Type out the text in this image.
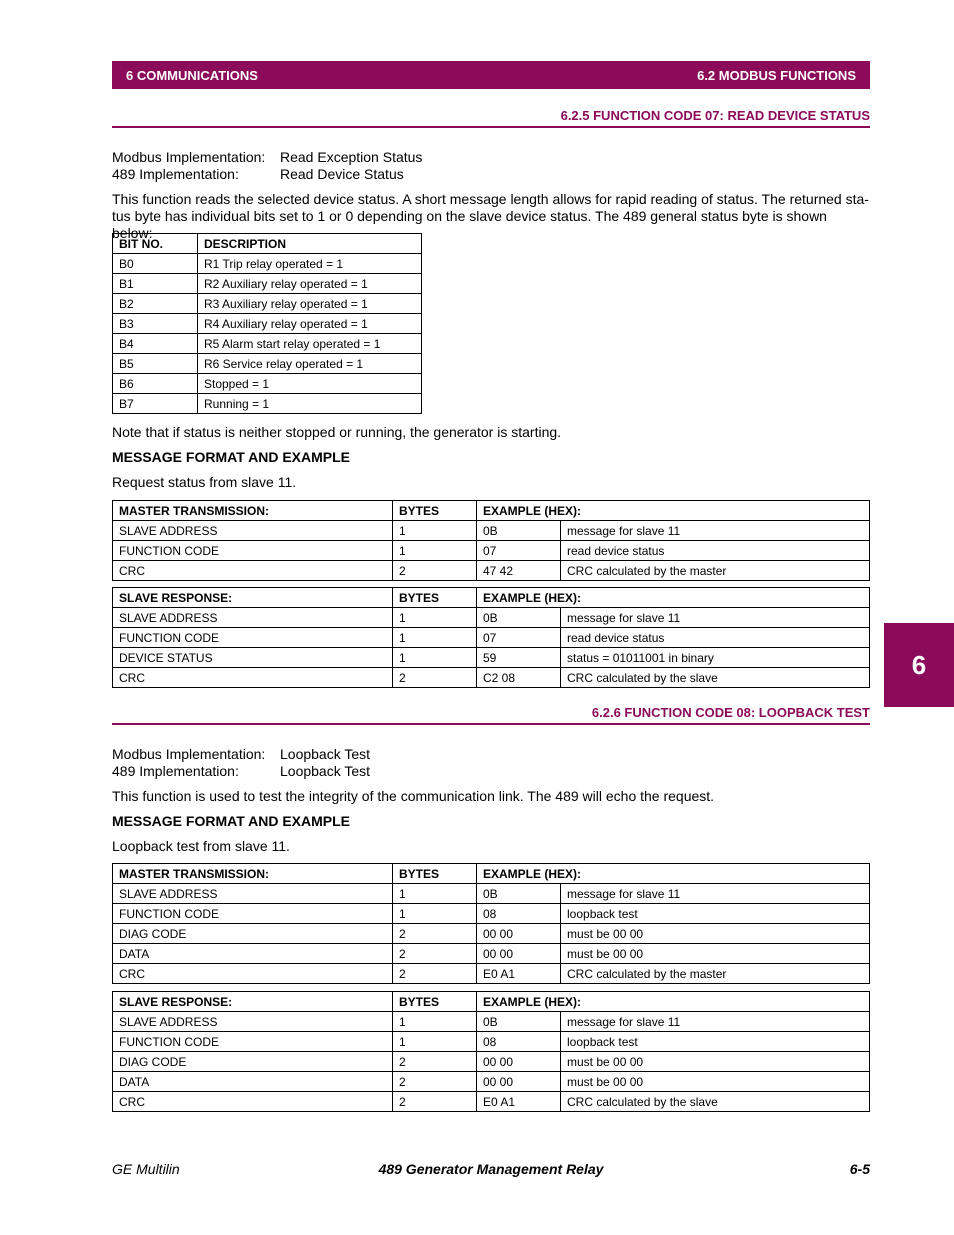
6 COMMUNICATIONS	6.2 MODBUS FUNCTIONS
6
6.2.5 FUNCTION CODE 07: READ DEVICE STATUS
Modbus Implementation:	Read Exception Status
489 Implementation:	Read Device Status
This function reads the selected device status. A short message length allows for rapid reading of status. The returned sta-tus byte has individual bits set to 1 or 0 depending on the slave device status. The 489 general status byte is shown below:
BIT NO.	DESCRIPTION
B0	R1 Trip relay operated = 1
B1	R2 Auxiliary relay operated = 1
B2	R3 Auxiliary relay operated = 1
B3	R4 Auxiliary relay operated = 1
B4	R5 Alarm start relay operated = 1
B5	R6 Service relay operated = 1
B6	Stopped = 1
B7	Running = 1
Note that if status is neither stopped or running, the generator is starting.
MESSAGE FORMAT AND EXAMPLE
Request status from slave 11.
MASTER TRANSMISSION:	BYTES	EXAMPLE (HEX):	
SLAVE ADDRESS	1	0B	message for slave 11
FUNCTION CODE	1	07	read device status
CRC	2	47 42	CRC calculated by the master
SLAVE RESPONSE:	BYTES	EXAMPLE (HEX):	
SLAVE ADDRESS	1	0B	message for slave 11
FUNCTION CODE	1	07	read device status
DEVICE STATUS	1	59	status = 01011001 in binary
CRC	2	C2 08	CRC calculated by the slave
6.2.6 FUNCTION CODE 08: LOOPBACK TEST
Modbus Implementation:	Loopback Test
489 Implementation:	Loopback Test
This function is used to test the integrity of the communication link. The 489 will echo the request.
MESSAGE FORMAT AND EXAMPLE
Loopback test from slave 11.
MASTER TRANSMISSION:	BYTES	EXAMPLE (HEX):	
SLAVE ADDRESS	1	0B	message for slave 11
FUNCTION CODE	1	08	loopback test
DIAG CODE	2	00 00	must be 00 00
DATA	2	00 00	must be 00 00
CRC	2	E0 A1	CRC calculated by the master
SLAVE RESPONSE:	BYTES	EXAMPLE (HEX):	
SLAVE ADDRESS	1	0B	message for slave 11
FUNCTION CODE	1	08	loopback test
DIAG CODE	2	00 00	must be 00 00
DATA	2	00 00	must be 00 00
CRC	2	E0 A1	CRC calculated by the slave
GE Multilin	489 Generator Management Relay	6-5
